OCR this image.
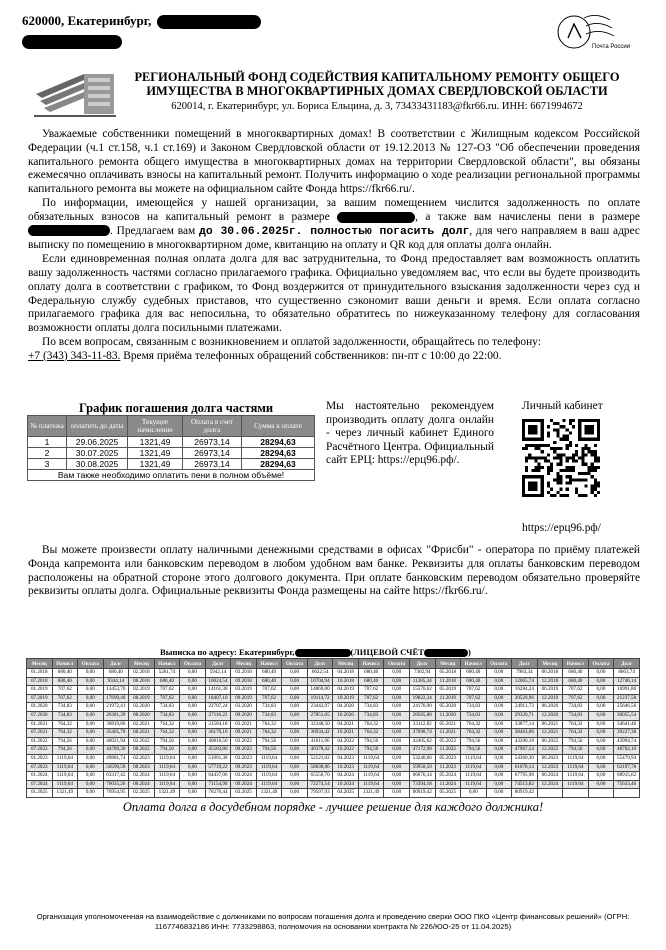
620000, Екатеринбург,

Почта России
РЕГИОНАЛЬНЫЙ ФОНД СОДЕЙСТВИЯ КАПИТАЛЬНОМУ РЕМОНТУ ОБЩЕГО
ИМУЩЕСТВА В МНОГОКВАРТИРНЫХ ДОМАХ СВЕРДЛОВСКОЙ ОБЛАСТИ
620014, г. Екатеринбург, ул. Бориса Ельцина, д. 3, 73433431183@fkr66.ru. ИНН: 6671994672

Уважаемые собственники помещений в многоквартирных домах! В соответствии с Жилищным кодексом Российской Федерации (ч.1 ст.158, ч.1 ст.169) и Законом Свердловской области от 19.12.2013 № 127-ОЗ "Об обеспечении проведения капитального ремонта общего имущества в многоквартирных домах на территории Свердловской области", вы обязаны ежемесячно оплачивать взносы на капитальный ремонт. Получить информацию о ходе реализации региональной программы капитального ремонта вы можете на официальном сайте Фонда https://fkr66.ru/.

По информации, имеющейся у нашей организации, за вашим помещением числится задолженность по оплате обязательных взносов на капитальный ремонт в размере	, а также вам начислены пени в размере . Предлагаем вам до 30.06.2025г. полностью погасить долг, для чего направляем в ваш адрес выписку по помещению в многоквартирном доме, квитанцию на оплату и QR код для оплаты долга онлайн.

Если единовременная полная оплата долга для вас затруднительна, то Фонд предоставляет вам возможность оплатить вашу задолженность частями согласно прилагаемого графика. Официально уведомляем вас, что если вы будете производить оплату долга в соответствии с графиком, то Фонд воздержится от принудительного взыскания задолженности через суд и Федеральную службу судебных приставов, что существенно сэкономит ваши деньги и время. Если оплата согласно прилагаемого графика для вас непосильна, то обязательно обратитесь по нижеуказанному телефону для согласования возможности оплаты долга посильными платежами.

По всем вопросам, связанным с возникновением и оплатой задолженности, обращайтесь по телефону:
+7 (343) 343-11-83. Время приёма телефонных обращений собственников: пн-пт с 10:00 до 22:00.

График погашения долга частями
№ платежа	оплатить до даты	Текущее начисление	Оплата в счет долга	Сумма к оплате
1	29.06.2025	1321,49	26973,14	28294,63
2	30.07.2025	1321,49	26973,14	28294,63
3	30.08.2025	1321,49	26973,14	28294,63
Вам также необходимо оплатить пени в полном объёме!				
Мы настоятельно рекомендуем производить оплату долга онлайн - через личный кабинет Единого Расчётного Центра. Официальный сайт ЕРЦ: https://ерц96.рф/.
Личный кабинет
https://ерц96.рф/
Вы можете произвести оплату наличными денежными средствами в офисах "Фрисби" - оператора по приёму платежей Фонда капремонта или банковским переводом в любом удобном вам банке. Реквизиты для оплаты банковским переводом расположены на обратной стороне этого долгового документа. При оплате банковским переводом обязательно проверяйте реквизиты оплаты долга. Официальные реквизиты Фонда размещены на сайте https://fkr66.ru/.
Выписка по адресу: Екатеринбург,	(ЛИЦЕВОЙ СЧЁТ	)
Месяц	Начисл	Оплата	Долг	Месяц	Начисл	Оплата	Долг	Месяц	Начисл	Оплата	Долг	Месяц	Начисл	Оплата	Долг	Месяц	Начисл	Оплата	Долг	Месяц	Начисл	Оплата	Долг
01.2018	680,40	0,00	680,40	02.2018	5261,74	0,00	5942,14	03.2018	680,40	0,00	6622,54	04.2018	680,40	0,00	7302,94	05.2018	680,40	0,00	7983,34	06.2018	680,40	0,00	8663,74
07.2018	680,40	0,00	9344,14	08.2018	680,40	0,00	10024,54	09.2018	680,40	0,00	10704,94	10.2018	680,40	0,00	11385,34	11.2018	680,40	0,00	12065,74	12.2018	680,40	0,00	12746,14
01.2019	707,62	0,00	13453,76	02.2019	707,62	0,00	14161,38	03.2019	707,62	0,00	14869,00	04.2019	707,62	0,00	15576,62	05.2019	707,62	0,00	16284,24	06.2019	707,62	0,00	16991,86
07.2019	707,62	0,00	17699,48	08.2019	707,62	0,00	18407,10	09.2019	707,62	0,00	19114,72	10.2019	707,62	0,00	19822,34	11.2019	707,62	0,00	20529,96	12.2019	707,62	0,00	21237,58
01.2020	734,83	0,00	21972,41	02.2020	734,83	0,00	22707,24	03.2020	734,83	0,00	23442,07	04.2020	734,83	0,00	24176,90	05.2020	734,83	0,00	24911,73	06.2020	734,83	0,00	25646,56
07.2020	734,83	0,00	26381,39	08.2020	734,83	0,00	27116,22	09.2020	734,83	0,00	27851,05	10.2020	734,83	0,00	28585,88	11.2020	734,83	0,00	29320,71	12.2020	734,83	0,00	30055,54
01.2021	764,32	0,00	30819,86	02.2021	764,32	0,00	31584,18	03.2021	764,32	0,00	32348,50	04.2021	764,32	0,00	33112,82	05.2021	764,32	0,00	33877,14	06.2021	764,32	0,00	34641,46
07.2021	764,32	0,00	35405,78	08.2021	764,32	0,00	36170,10	09.2021	764,32	0,00	36934,42	10.2021	764,32	0,00	37698,74	11.2021	764,32	0,00	38463,06	12.2021	764,32	0,00	39227,38
01.2022	794,56	0,00	40021,94	02.2022	794,56	0,00	40816,50	03.2022	794,56	0,00	41611,06	04.2022	794,56	0,00	42405,62	05.2022	794,56	0,00	43200,18	06.2022	794,56	0,00	43994,74
07.2022	794,56	0,00	44789,30	08.2022	794,56	0,00	45583,86	09.2022	794,56	0,00	46378,42	10.2022	794,56	0,00	47172,98	11.2022	794,56	0,00	47967,54	12.2022	794,56	0,00	48762,10
01.2023	1119,64	0,00	49881,74	02.2023	1119,64	0,00	51001,38	03.2023	1119,64	0,00	52121,02	04.2023	1119,64	0,00	53240,66	05.2023	1119,64	0,00	54360,30	06.2023	1119,64	0,00	55479,94
07.2023	1119,64	0,00	56599,58	08.2023	1119,64	0,00	57719,22	09.2023	1119,64	0,00	58838,86	10.2023	1119,64	0,00	59958,50	11.2023	1119,64	0,00	61078,14	12.2023	1119,64	0,00	62197,78
01.2024	1119,64	0,00	63317,42	02.2024	1119,64	0,00	64437,06	03.2024	1119,64	0,00	65556,70	04.2024	1119,64	0,00	66676,34	05.2024	1119,64	0,00	67795,98	06.2024	1119,64	0,00	68915,62
07.2024	1119,64	0,00	70035,26	08.2024	1119,64	0,00	71154,90	09.2024	1119,64	0,00	72274,54	10.2024	1119,64	0,00	73394,18	11.2024	1119,64	0,00	74513,82	12.2024	1119,64	0,00	75633,46
01.2025	1321,49	0,00	76954,95	02.2025	1321,49	0,00	78276,44	03.2025	1321,49	0,00	79597,93	04.2025	1321,49	0,00	80919,42	05.2025	0,00	0,00	80919,42				
Оплата долга в досудебном порядке - лучшее решение для каждого должника!
Организация уполномоченная на взаимодействие с должниками по вопросам погашения долга и проведению сверки ООО ПКО «Центр финансовых решений» (ОГРН: 1167746832186 ИНН: 7733298863, полномочия на основании контракта № 226/ЮО-25 от 11.04.2025)
